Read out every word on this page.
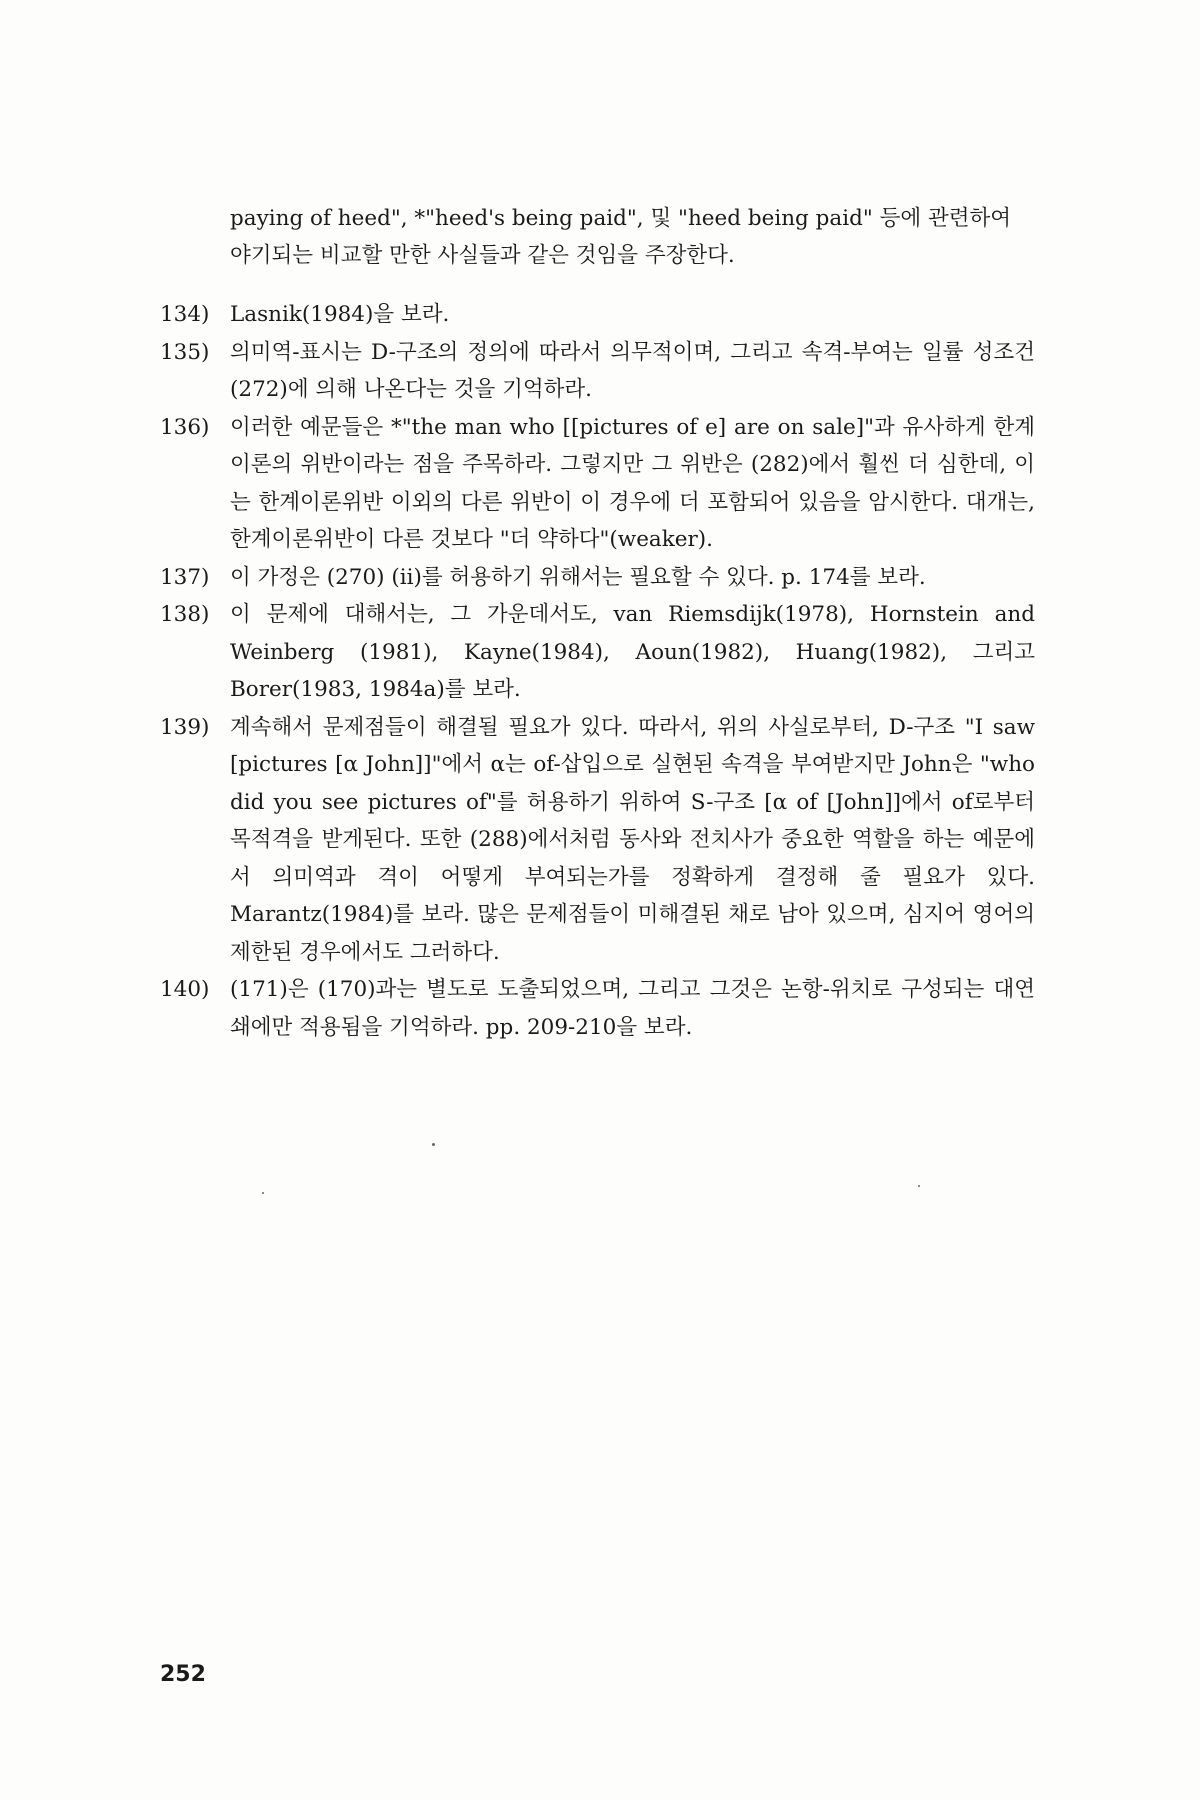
paying of heed", *"heed's being paid", 및 "heed being paid" 등에 관련하여 야기되는 비교할 만한 사실들과 같은 것임을 주장한다.

134) Lasnik(1984)을 보라.
135) 의미역-표시는 D-구조의 정의에 따라서 의무적이며, 그리고 속격-부여는 일률 성조건 (272)에 의해 나온다는 것을 기억하라.
136) 이러한 예문들은 *"the man who [[pictures of e] are on sale]"과 유사하게 한계이론의 위반이라는 점을 주목하라. 그렇지만 그 위반은 (282)에서 훨씬 더 심한데, 이는 한계이론위반 이외의 다른 위반이 이 경우에 더 포함되어 있음을 암시한다. 대개는, 한계이론위반이 다른 것보다 "더 약하다"(weaker).
137) 이 가정은 (270) (ii)를 허용하기 위해서는 필요할 수 있다. p. 174를 보라.
138) 이 문제에 대해서는, 그 가운데서도, van Riemsdijk(1978), Hornstein and Weinberg (1981), Kayne(1984), Aoun(1982), Huang(1982), 그리고 Borer(1983, 1984a)를 보라.
139) 계속해서 문제점들이 해결될 필요가 있다. 따라서, 위의 사실로부터, D-구조 "I saw [pictures [α John]]"에서 α는 of-삽입으로 실현된 속격을 부여받지만 John은 "who did you see pictures of"를 허용하기 위하여 S-구조 [α of [John]]에서 of로부터 목적격을 받게된다. 또한 (288)에서처럼 동사와 전치사가 중요한 역할을 하는 예문에서 의미역과 격이 어떻게 부여되는가를 정확하게 결정해 줄 필요가 있다. Marantz(1984)를 보라. 많은 문제점들이 미해결된 채로 남아 있으며, 심지어 영어의 제한된 경우에서도 그러하다.
140) (171)은 (170)과는 별도로 도출되었으며, 그리고 그것은 논항-위치로 구성되는 대연쇄에만 적용됨을 기억하라. pp. 209-210을 보라.
252
